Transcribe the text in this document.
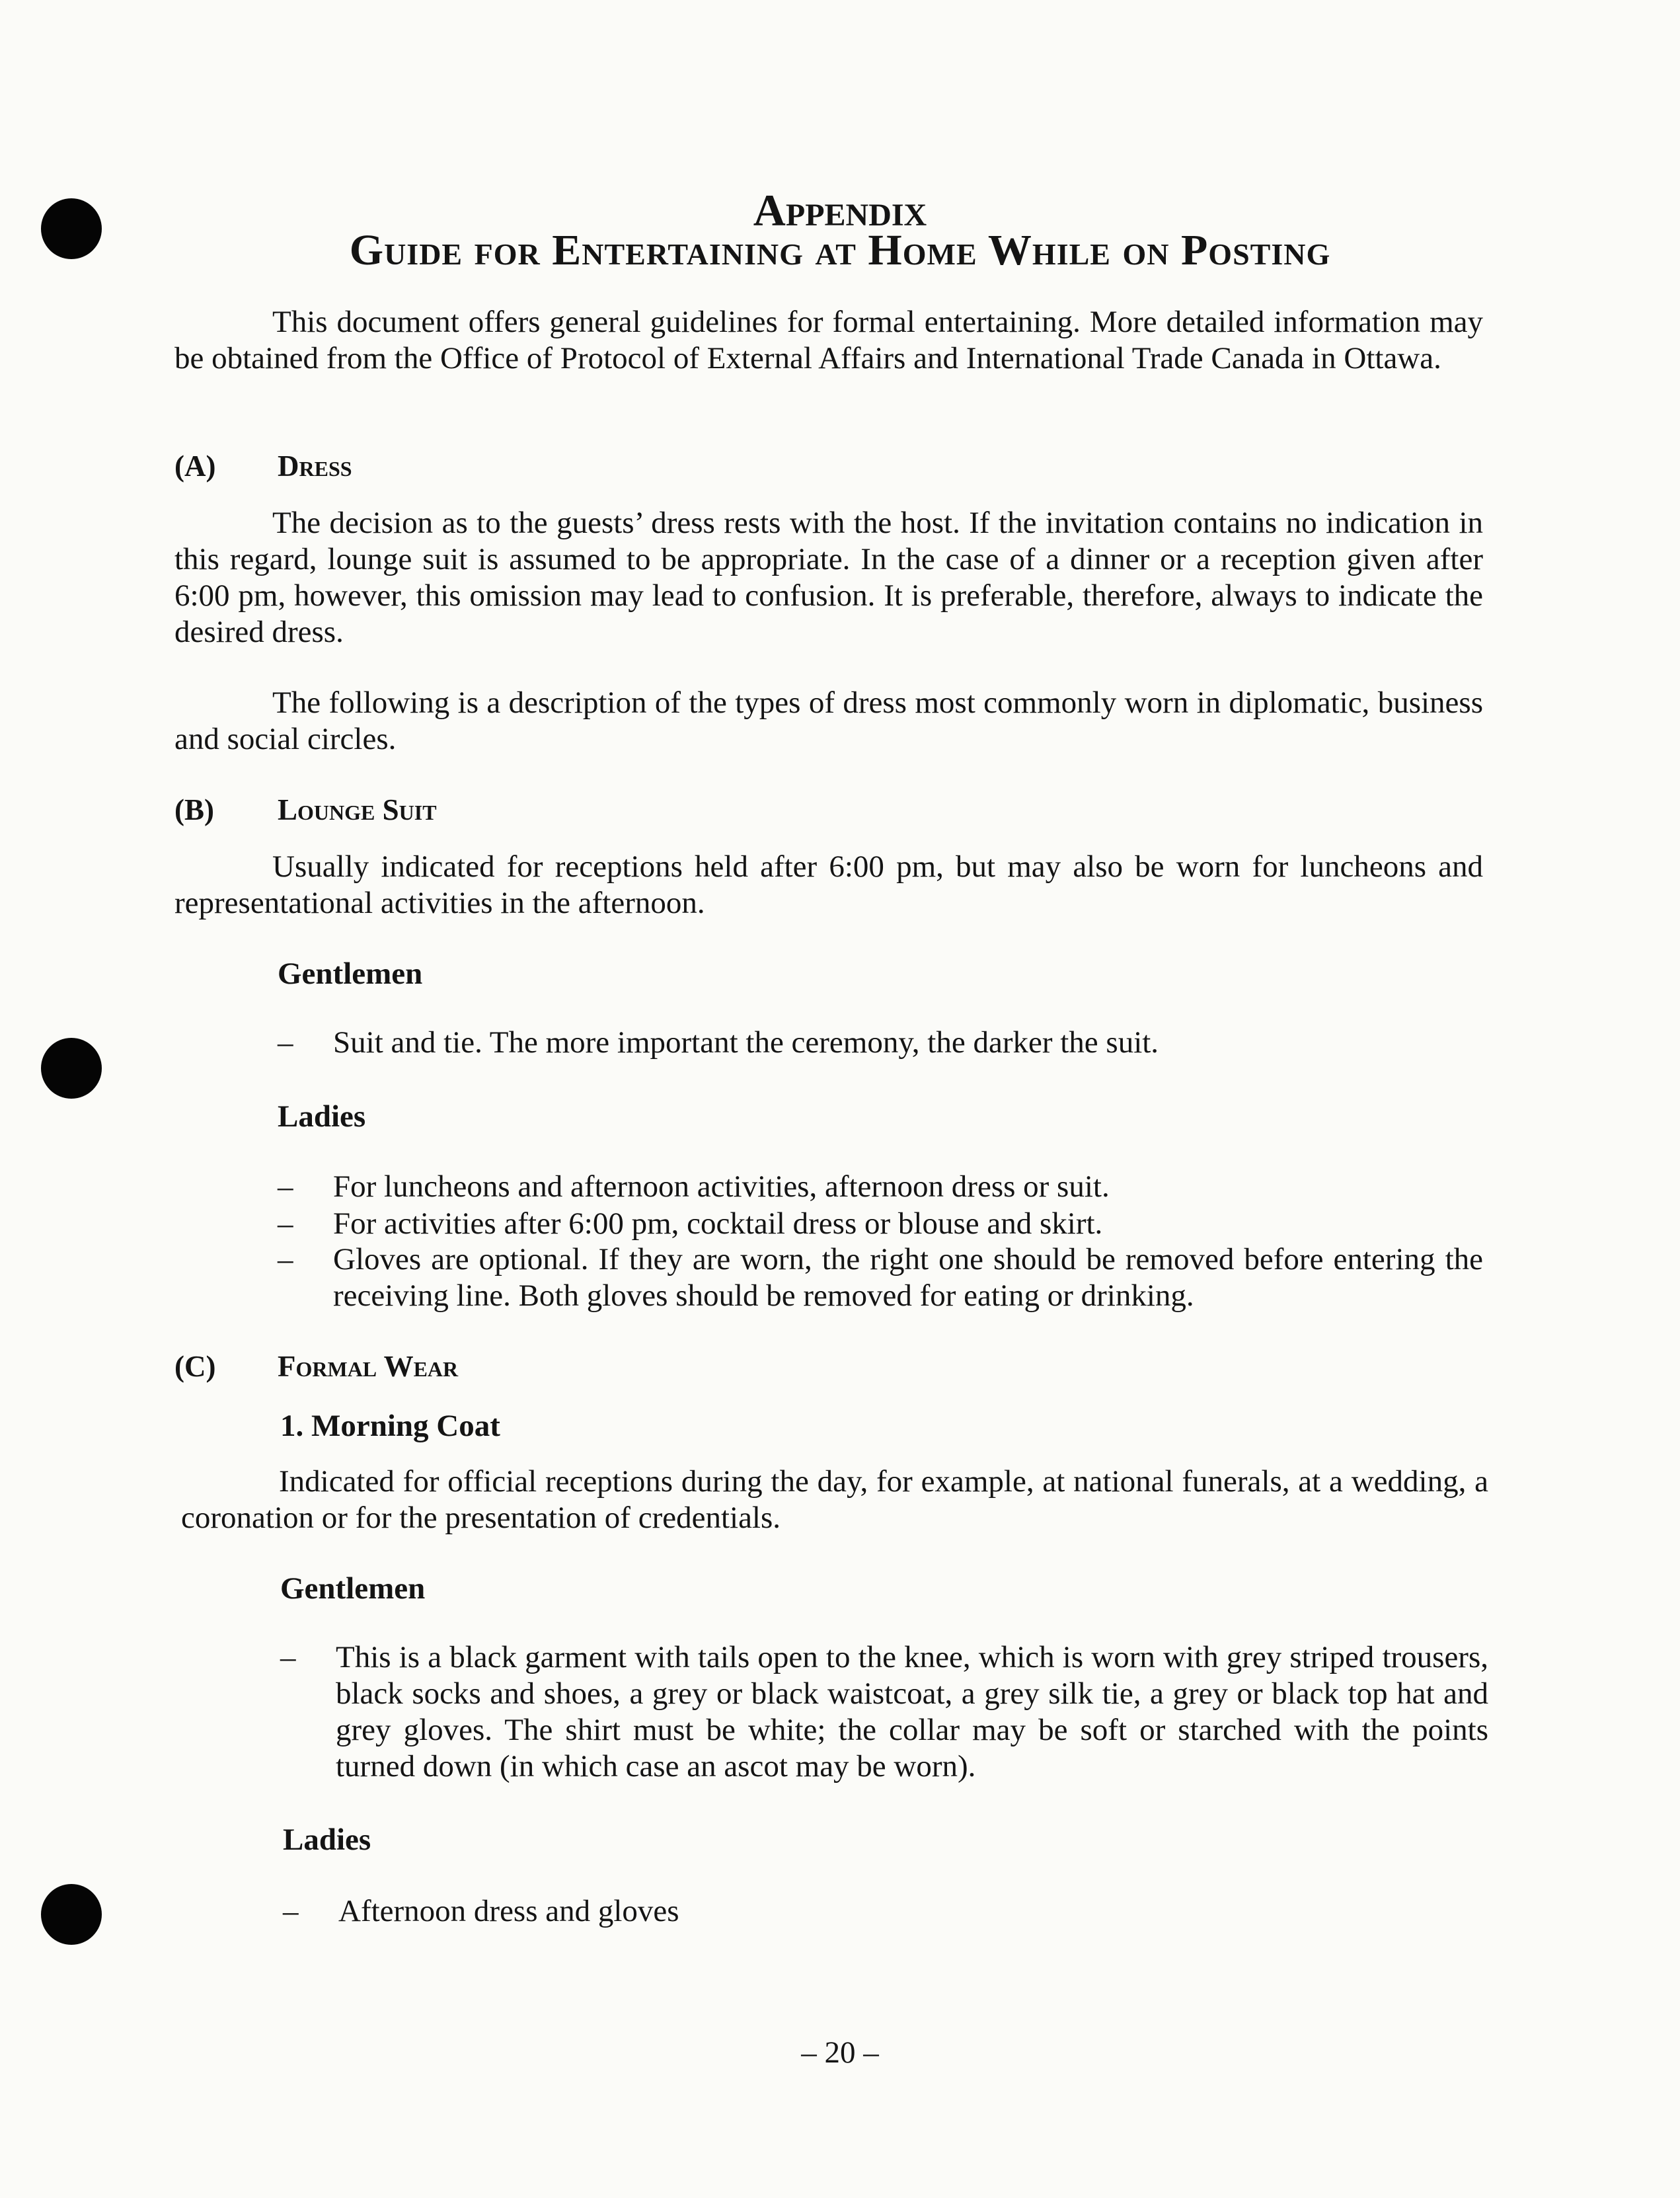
Appendix
Guide for Entertaining at Home While on Posting

This document offers general guidelines for formal entertaining. More detailed information may be obtained from the Office of Protocol of External Affairs and International Trade Canada in Ottawa.

(A) Dress

The decision as to the guests’ dress rests with the host. If the invitation contains no indication in this regard, lounge suit is assumed to be appropriate. In the case of a dinner or a reception given after 6:00 pm, however, this omission may lead to confusion. It is preferable, therefore, always to indicate the desired dress.

The following is a description of the types of dress most commonly worn in diplomatic, business and social circles.

(B) Lounge Suit

Usually indicated for receptions held after 6:00 pm, but may also be worn for luncheons and representational activities in the afternoon.

Gentlemen

– Suit and tie. The more important the ceremony, the darker the suit.

Ladies

– For luncheons and afternoon activities, afternoon dress or suit.
– For activities after 6:00 pm, cocktail dress or blouse and skirt.
– Gloves are optional. If they are worn, the right one should be removed before entering the receiving line. Both gloves should be removed for eating or drinking.

(C) Formal Wear

1. Morning Coat

Indicated for official receptions during the day, for example, at national funerals, at a wedding, a coronation or for the presentation of credentials.

Gentlemen

– This is a black garment with tails open to the knee, which is worn with grey striped trousers, black socks and shoes, a grey or black waistcoat, a grey silk tie, a grey or black top hat and grey gloves. The shirt must be white; the collar may be soft or starched with the points turned down (in which case an ascot may be worn).

Ladies

– Afternoon dress and gloves

– 20 –
